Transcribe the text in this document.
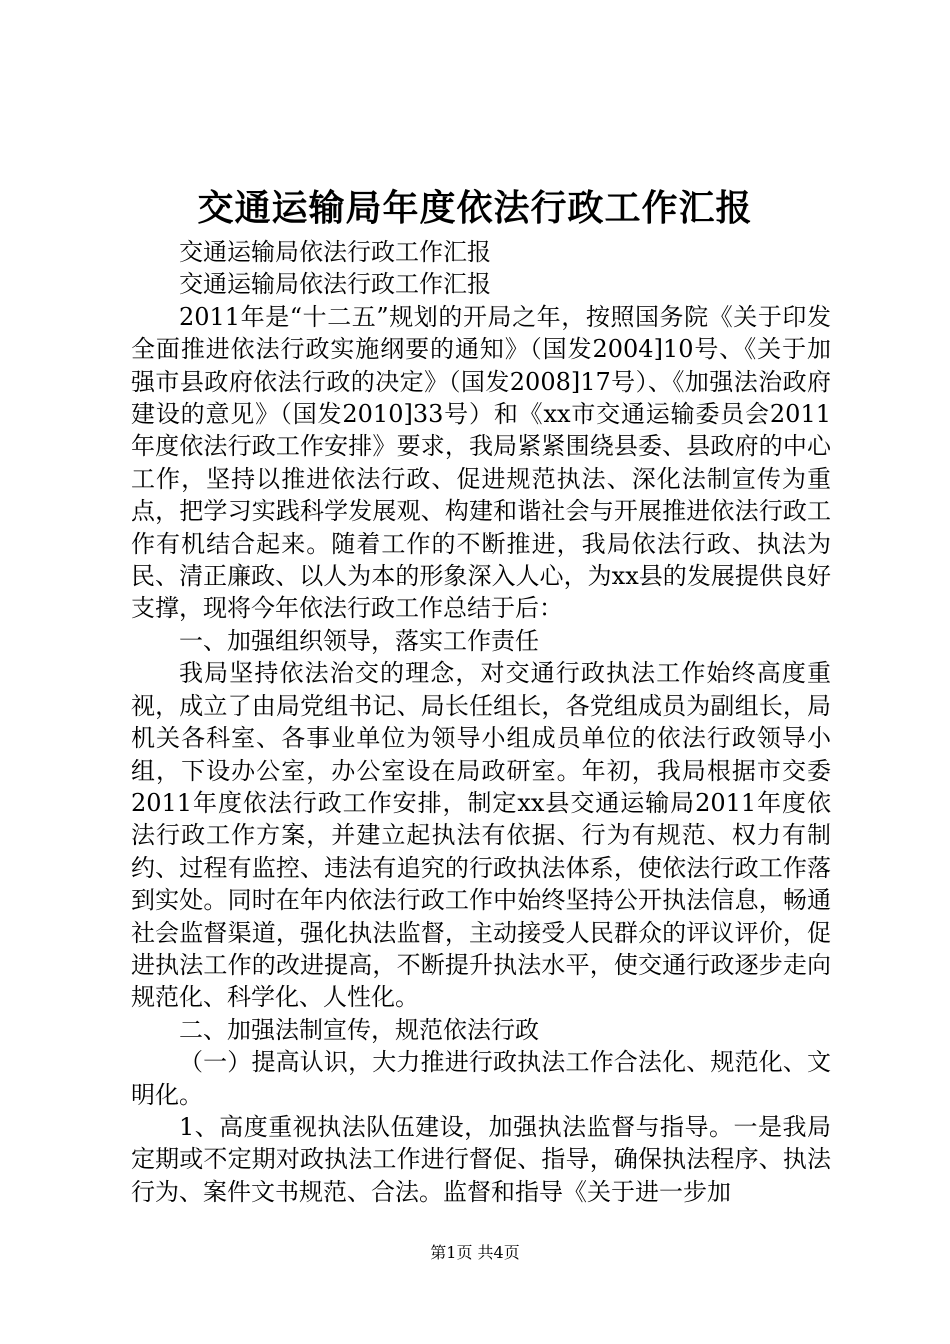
交通运输局年度依法行政工作汇报

交通运输局依法行政工作汇报

交通运输局依法行政工作汇报

2011年是“十二五”规划的开局之年，按照国务院《关于印发全面推进依法行政实施纲要的通知》（国发2004]10号、《关于加强市县政府依法行政的决定》（国发2008]17号）、《加强法治政府建设的意见》（国发2010]33号）和《xx市交通运输委员会2011年度依法行政工作安排》要求，我局紧紧围绕县委、县政府的中心工作，坚持以推进依法行政、促进规范执法、深化法制宣传为重点，把学习实践科学发展观、构建和谐社会与开展推进依法行政工作有机结合起来。随着工作的不断推进，我局依法行政、执法为民、清正廉政、以人为本的形象深入人心，为xx县的发展提供良好支撑，现将今年依法行政工作总结于后：

一、加强组织领导，落实工作责任

我局坚持依法治交的理念，对交通行政执法工作始终高度重视，成立了由局党组书记、局长任组长，各党组成员为副组长，局机关各科室、各事业单位为领导小组成员单位的依法行政领导小组，下设办公室，办公室设在局政研室。年初，我局根据市交委2011年度依法行政工作安排，制定xx县交通运输局2011年度依法行政工作方案，并建立起执法有依据、行为有规范、权力有制约、过程有监控、违法有追究的行政执法体系，使依法行政工作落到实处。同时在年内依法行政工作中始终坚持公开执法信息，畅通社会监督渠道，强化执法监督，主动接受人民群众的评议评价，促进执法工作的改进提高，不断提升执法水平，使交通行政逐步走向规范化、科学化、人性化。

二、加强法制宣传，规范依法行政

（一）提高认识，大力推进行政执法工作合法化、规范化、文明化。

1、高度重视执法队伍建设，加强执法监督与指导。一是我局定期或不定期对政执法工作进行督促、指导，确保执法程序、执法行为、案件文书规范、合法。监督和指导《关于进一步加

第1页 共4页
